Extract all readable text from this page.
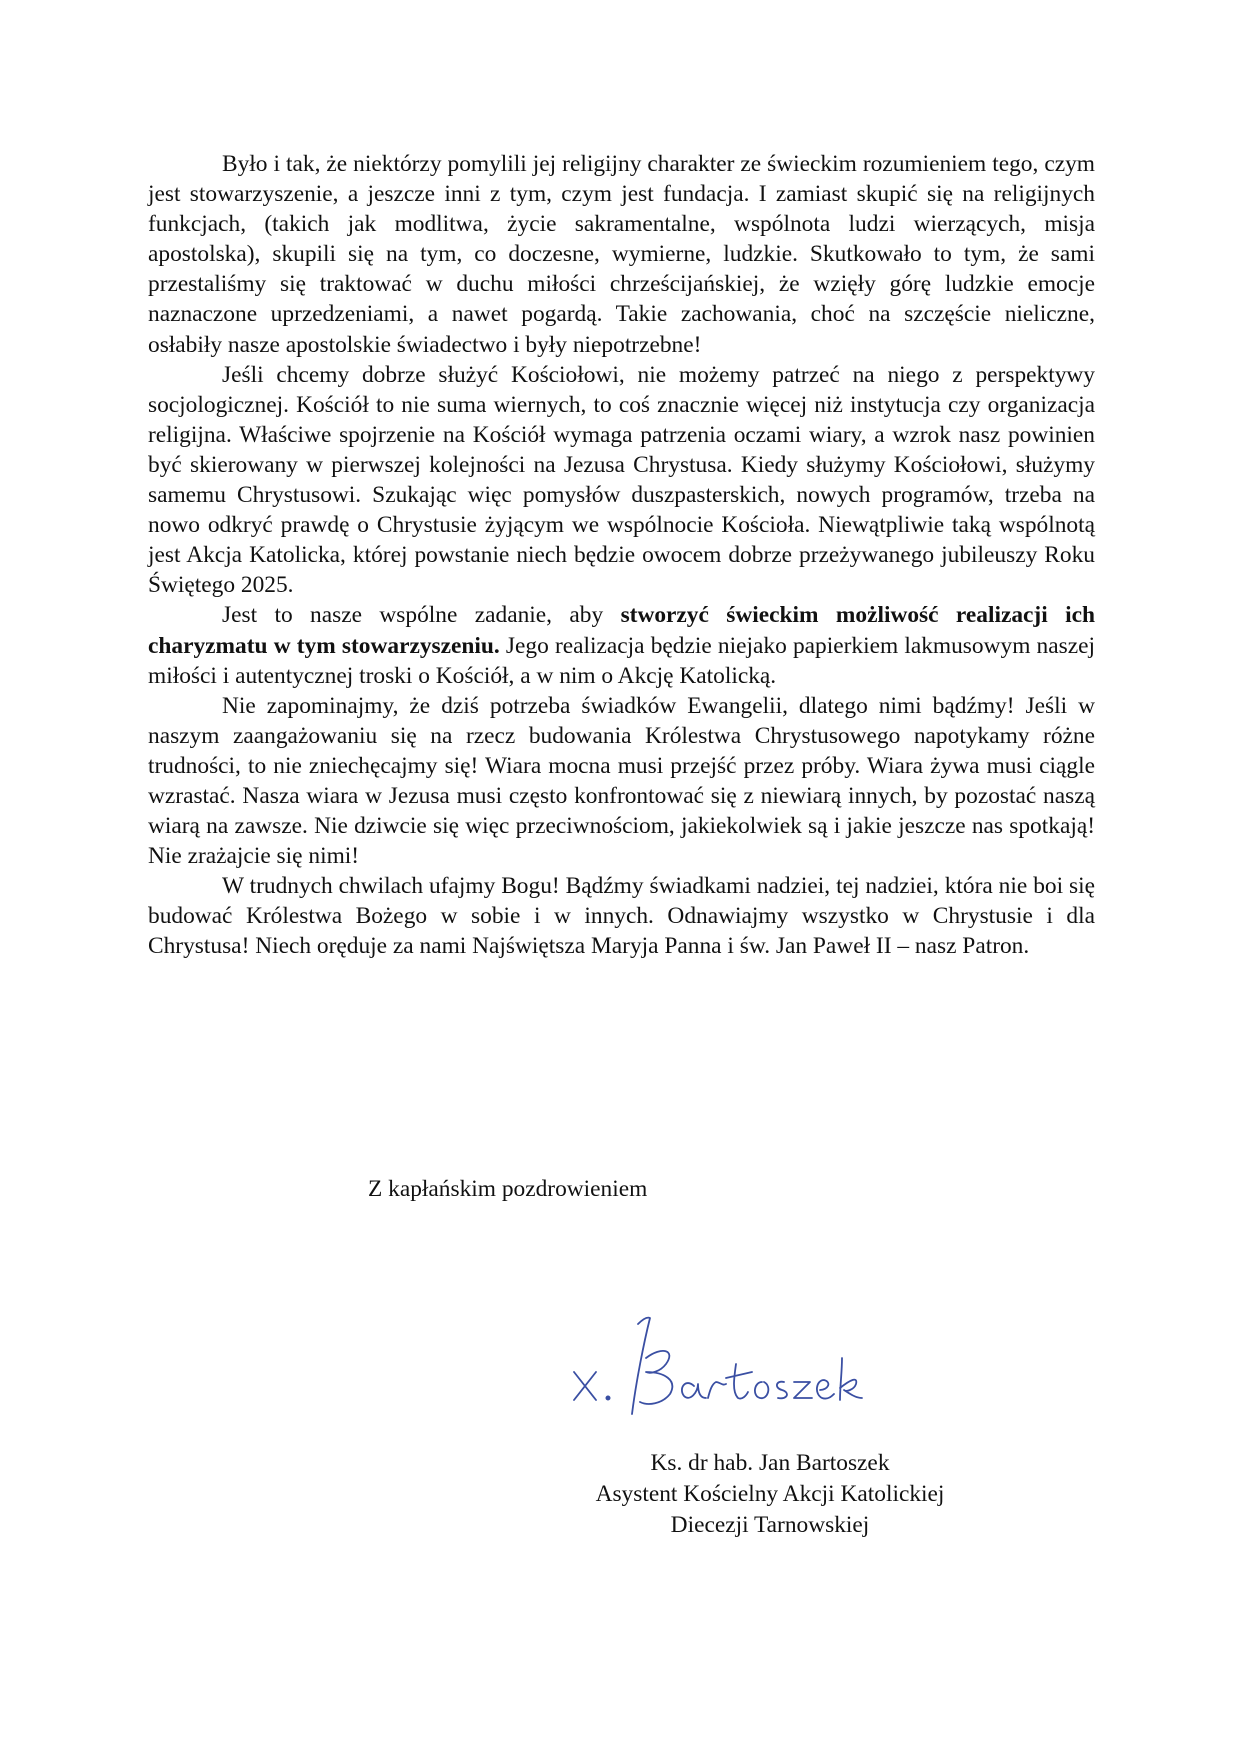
Było i tak, że niektórzy pomylili jej religijny charakter ze świeckim rozumieniem tego, czym jest stowarzyszenie, a jeszcze inni z tym, czym jest fundacja. I zamiast skupić się na religijnych funkcjach, (takich jak modlitwa, życie sakramentalne, wspólnota ludzi wierzących, misja apostolska), skupili się na tym, co doczesne, wymierne, ludzkie. Skutkowało to tym, że sami przestaliśmy się traktować w duchu miłości chrześcijańskiej, że wzięły górę ludzkie emocje naznaczone uprzedzeniami, a nawet pogardą. Takie zachowania, choć na szczęście nieliczne, osłabiły nasze apostolskie świadectwo i były niepotrzebne!

Jeśli chcemy dobrze służyć Kościołowi, nie możemy patrzeć na niego z perspektywy socjologicznej. Kościół to nie suma wiernych, to coś znacznie więcej niż instytucja czy organizacja religijna. Właściwe spojrzenie na Kościół wymaga patrzenia oczami wiary, a wzrok nasz powinien być skierowany w pierwszej kolejności na Jezusa Chrystusa. Kiedy służymy Kościołowi, służymy samemu Chrystusowi. Szukając więc pomysłów duszpasterskich, nowych programów, trzeba na nowo odkryć prawdę o Chrystusie żyjącym we wspólnocie Kościoła. Niewątpliwie taką wspólnotą jest Akcja Katolicka, której powstanie niech będzie owocem dobrze przeżywanego jubileuszy Roku Świętego 2025.

Jest to nasze wspólne zadanie, aby stworzyć świeckim możliwość realizacji ich charyzmatu w tym stowarzyszeniu. Jego realizacja będzie niejako papierkiem lakmusowym naszej miłości i autentycznej troski o Kościół, a w nim o Akcję Katolicką.

Nie zapominajmy, że dziś potrzeba świadków Ewangelii, dlatego nimi bądźmy! Jeśli w naszym zaangażowaniu się na rzecz budowania Królestwa Chrystusowego napotykamy różne trudności, to nie zniechęcajmy się! Wiara mocna musi przejść przez próby. Wiara żywa musi ciągle wzrastać. Nasza wiara w Jezusa musi często konfrontować się z niewiarą innych, by pozostać naszą wiarą na zawsze. Nie dziwcie się więc przeciwnościom, jakiekolwiek są i jakie jeszcze nas spotkają! Nie zrażajcie się nimi!

W trudnych chwilach ufajmy Bogu! Bądźmy świadkami nadziei, tej nadziei, która nie boi się budować Królestwa Bożego w sobie i w innych. Odnawiajmy wszystko w Chrystusie i dla Chrystusa! Niech oręduje za nami Najświętsza Maryja Panna i św. Jan Paweł II – nasz Patron.

Z kapłańskim pozdrowieniem
Ks. dr hab. Jan Bartoszek
Asystent Kościelny Akcji Katolickiej
Diecezji Tarnowskiej
